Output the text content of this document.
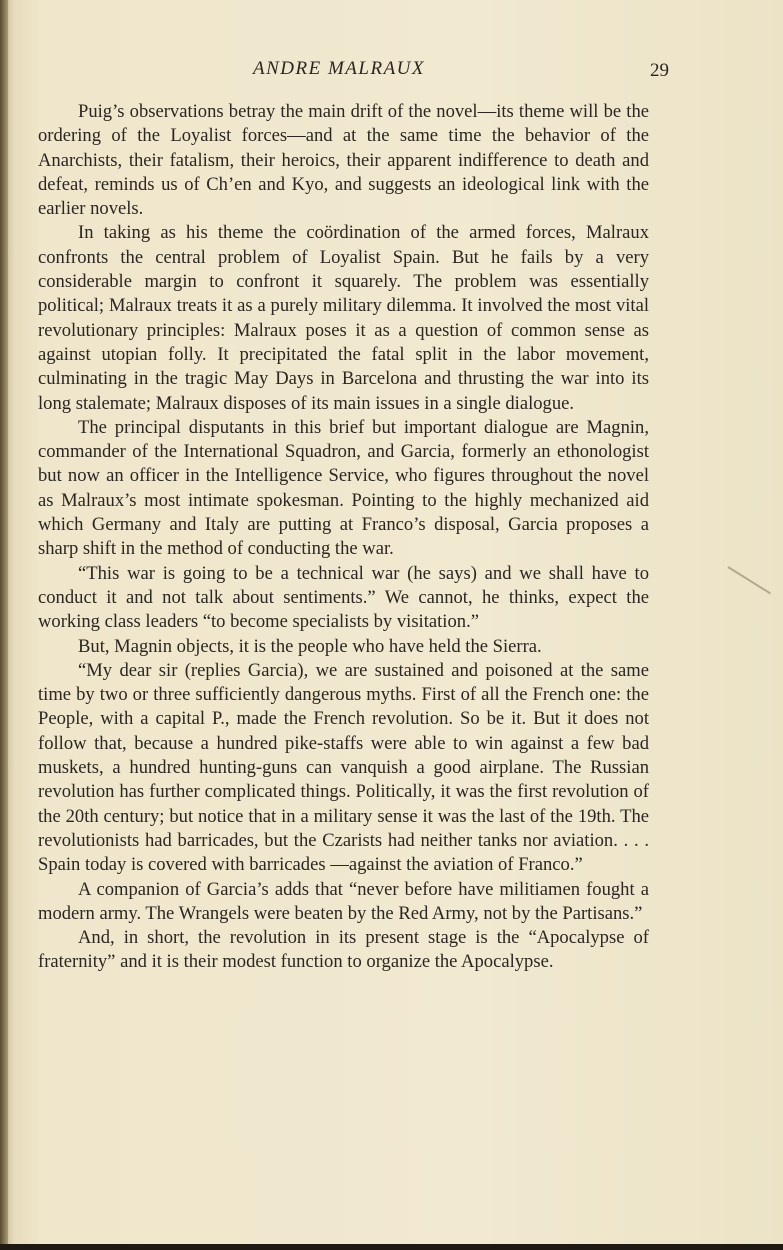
ANDRE MALRAUX	29

Puig’s observations betray the main drift of the novel—its theme will be the ordering of the Loyalist forces—and at the same time the behavior of the Anarchists, their fatalism, their heroics, their apparent indifference to death and defeat, reminds us of Ch’en and Kyo, and suggests an ideological link with the earlier novels.

In taking as his theme the coördination of the armed forces, Malraux confronts the central problem of Loyalist Spain. But he fails by a very considerable margin to confront it squarely. The problem was essentially political; Malraux treats it as a purely military dilemma. It involved the most vital revolutionary principles: Malraux poses it as a question of common sense as against utopian folly. It precipitated the fatal split in the labor movement, culminating in the tragic May Days in Barcelona and thrusting the war into its long stalemate; Malraux disposes of its main issues in a single dialogue.

The principal disputants in this brief but important dialogue are Magnin, commander of the International Squadron, and Garcia, formerly an ethonologist but now an officer in the Intelligence Service, who figures throughout the novel as Malraux’s most intimate spokesman. Pointing to the highly mechanized aid which Germany and Italy are putting at Franco’s disposal, Garcia proposes a sharp shift in the method of conducting the war.

“This war is going to be a technical war (he says) and we shall have to conduct it and not talk about sentiments.” We cannot, he thinks, expect the working class leaders “to become specialists by visitation.”

But, Magnin objects, it is the people who have held the Sierra.

“My dear sir (replies Garcia), we are sustained and poisoned at the same time by two or three sufficiently dangerous myths. First of all the French one: the People, with a capital P., made the French revolution. So be it. But it does not follow that, because a hundred pike-staffs were able to win against a few bad muskets, a hundred hunting-guns can vanquish a good airplane. The Russian revolution has further complicated things. Politically, it was the first revolution of the 20th century; but notice that in a military sense it was the last of the 19th. The revolutionists had barricades, but the Czarists had neither tanks nor aviation. . . . Spain today is covered with barricades —against the aviation of Franco.”

A companion of Garcia’s adds that “never before have militiamen fought a modern army. The Wrangels were beaten by the Red Army, not by the Partisans.”

And, in short, the revolution in its present stage is the “Apocalypse of fraternity” and it is their modest function to organize the Apocalypse.
